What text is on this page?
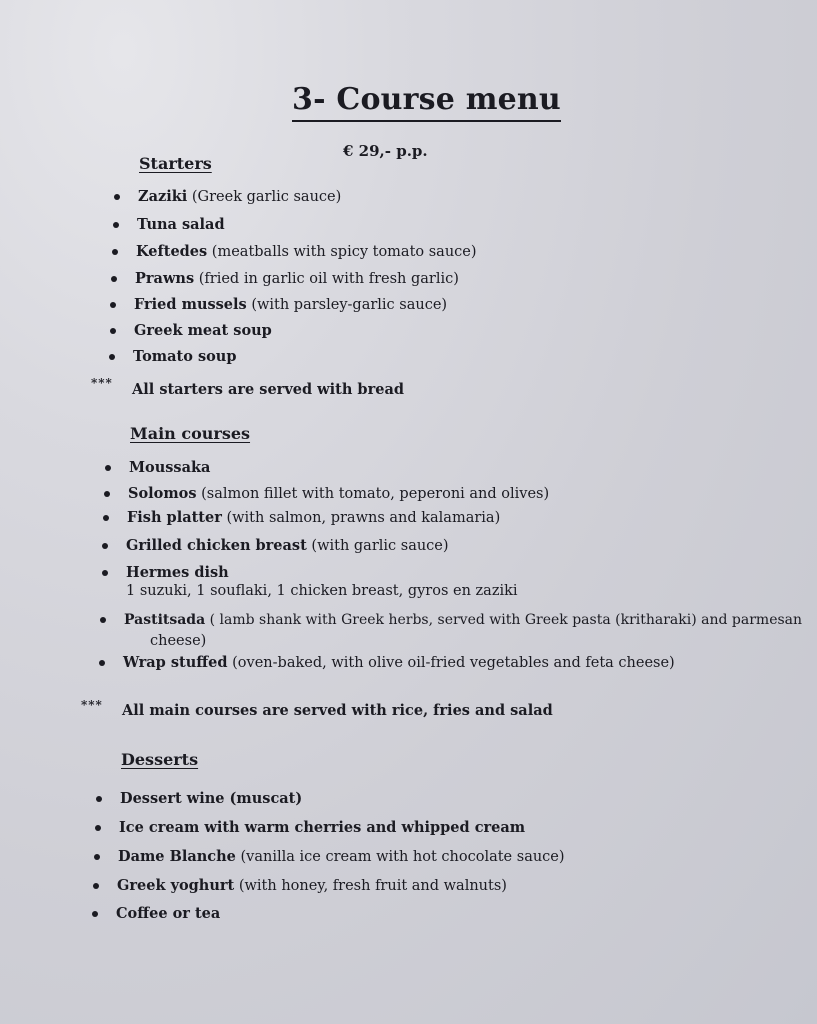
3- Course menu
€ 29,- p.p.
Starters
Zaziki (Greek garlic sauce)
Tuna salad
Keftedes (meatballs with spicy tomato sauce)
Prawns (fried in garlic oil with fresh garlic)
Fried mussels (with parsley-garlic sauce)
Greek meat soup
Tomato soup
*** All starters are served with bread
Main courses
Moussaka
Solomos (salmon fillet with tomato, peperoni and olives)
Fish platter (with salmon, prawns and kalamaria)
Grilled chicken breast (with garlic sauce)
Hermes dish
1 suzuki, 1 souflaki, 1 chicken breast, gyros en zaziki
Pastitsada ( lamb shank with Greek herbs, served with Greek pasta (kritharaki) and parmesan
cheese)
Wrap stuffed (oven-baked, with olive oil-fried vegetables and feta cheese)
*** All main courses are served with rice, fries and salad
Desserts
Dessert wine (muscat)
Ice cream with warm cherries and whipped cream
Dame Blanche (vanilla ice cream with hot chocolate sauce)
Greek yoghurt (with honey, fresh fruit and walnuts)
Coffee or tea
